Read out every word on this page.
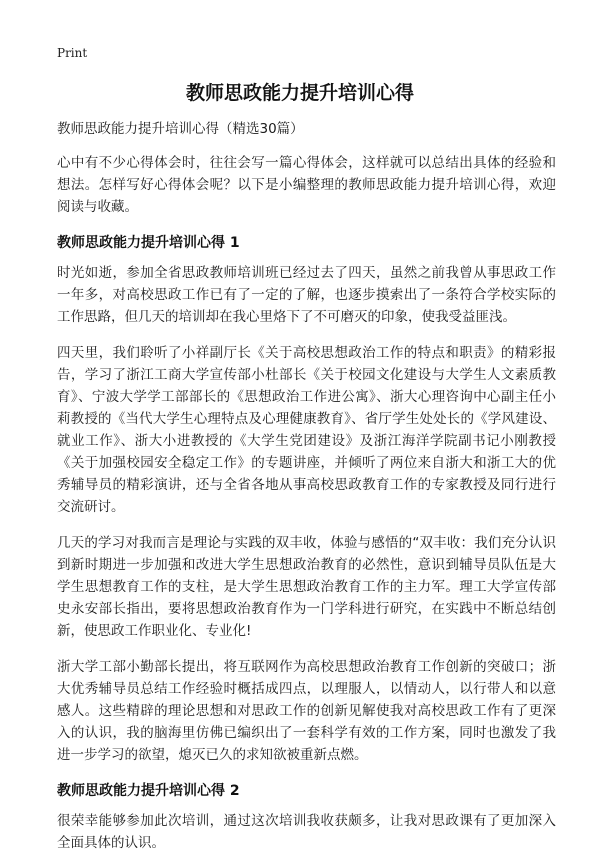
Print
教师思政能力提升培训心得
教师思政能力提升培训心得（精选30篇）

心中有不少心得体会时，往往会写一篇心得体会，这样就可以总结出具体的经验和想法。怎样写好心得体会呢？以下是小编整理的教师思政能力提升培训心得，欢迎阅读与收藏。

教师思政能力提升培训心得 1

时光如逝，参加全省思政教师培训班已经过去了四天，虽然之前我曾从事思政工作一年多，对高校思政工作已有了一定的了解，也逐步摸索出了一条符合学校实际的工作思路，但几天的培训却在我心里烙下了不可磨灭的印象，使我受益匪浅。

四天里，我们聆听了小祥副厅长《关于高校思想政治工作的特点和职责》的精彩报告，学习了浙江工商大学宣传部小杜部长《关于校园文化建设与大学生人文素质教育》、宁波大学学工部部长的《思想政治工作进公寓》、浙大心理咨询中心副主任小莉教授的《当代大学生心理特点及心理健康教育》、省厅学生处处长的《学风建设、就业工作》、浙大小进教授的《大学生党团建设》及浙江海洋学院副书记小刚教授《关于加强校园安全稳定工作》的专题讲座，并倾听了两位来自浙大和浙工大的优秀辅导员的精彩演讲，还与全省各地从事高校思政教育工作的专家教授及同行进行交流研讨。

几天的学习对我而言是理论与实践的双丰收，体验与感悟的“双丰收：我们充分认识到新时期进一步加强和改进大学生思想政治教育的必然性，意识到辅导员队伍是大学生思想教育工作的支柱，是大学生思想政治教育工作的主力军。理工大学宣传部史永安部长指出，要将思想政治教育作为一门学科进行研究，在实践中不断总结创新，使思政工作职业化、专业化!

浙大学工部小勤部长提出，将互联网作为高校思想政治教育工作创新的突破口；浙大优秀辅导员总结工作经验时概括成四点，以理服人，以情动人，以行带人和以意感人。这些精辟的理论思想和对思政工作的创新见解使我对高校思政工作有了更深入的认识，我的脑海里仿佛已编织出了一套科学有效的工作方案，同时也激发了我进一步学习的欲望，熄灭已久的求知欲被重新点燃。

教师思政能力提升培训心得 2

很荣幸能够参加此次培训，通过这次培训我收获颇多，让我对思政课有了更加深入全面具体的认识。
